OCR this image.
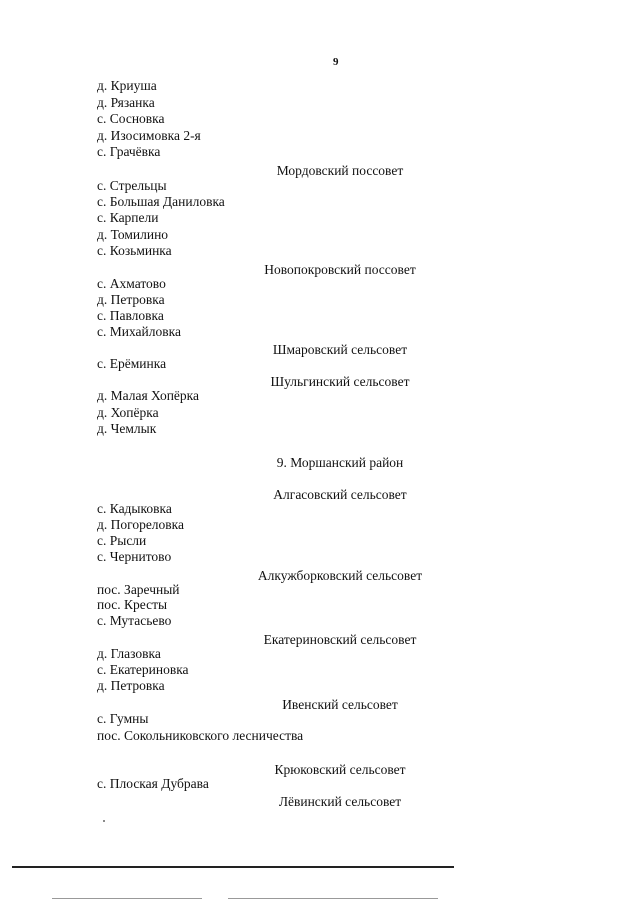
9
д. Криуша
д. Рязанка
с. Сосновка
д. Изосимовка 2-я
с. Грачёвка
Мордовский поссовет
с. Стрельцы
с. Большая Даниловка
с. Карпели
д. Томилино
с. Козьминка
Новопокровский поссовет
с. Ахматово
д. Петровка
с. Павловка
с. Михайловка
Шмаровский сельсовет
с. Ерёминка
Шульгинский сельсовет
д. Малая Хопёрка
д. Хопёрка
д. Чемлык
9. Моршанский район
Алгасовский сельсовет
с. Кадыковка
д. Погореловка
с. Рысли
с. Чернитово
Алкужборковский сельсовет
пос. Заречный
пос. Кресты
с. Мутасьево
Екатериновский сельсовет
д. Глазовка
с. Екатериновка
д. Петровка
Ивенский сельсовет
с. Гумны
пос. Сокольниковского лесничества
Крюковский сельсовет
с. Плоская Дубрава
Лёвинский сельсовет
